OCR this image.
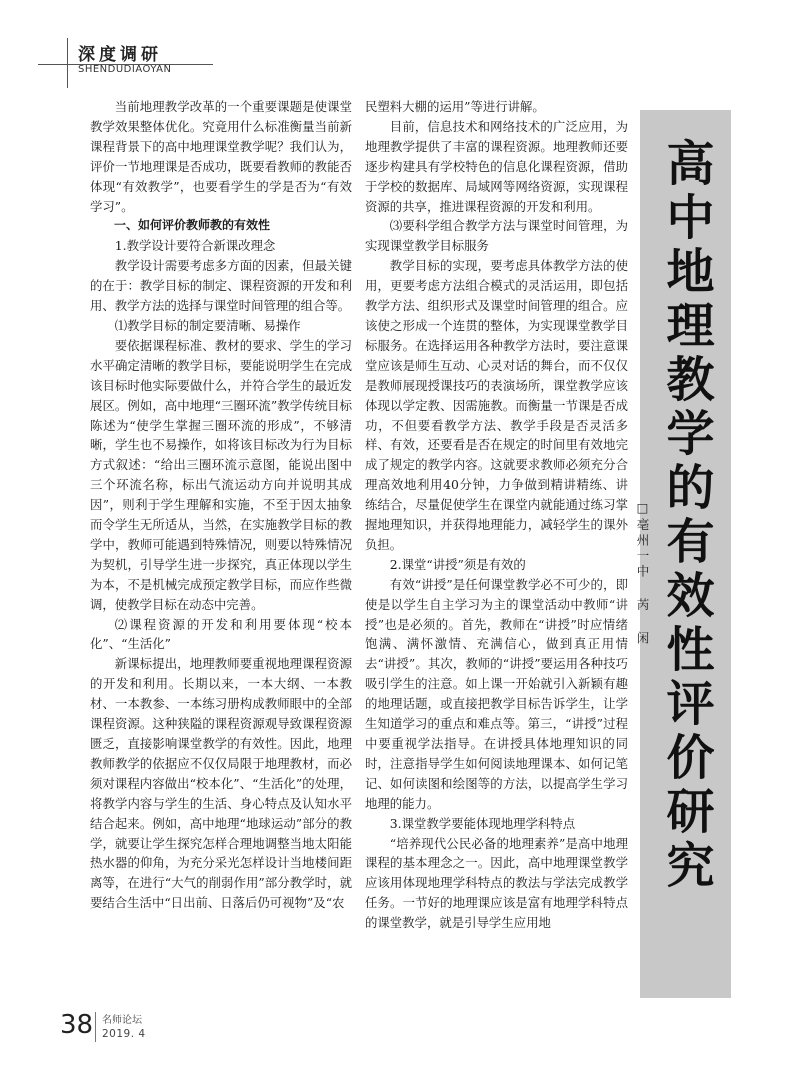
深度调研
SHENDUDIAOYAN

当前地理教学改革的一个重要课题是使课堂教学效果整体优化。究竟用什么标准衡量当前新课程背景下的高中地理课堂教学呢？我们认为，评价一节地理课是否成功，既要看教师的教能否体现“有效教学”，也要看学生的学是否为“有效学习”。

一、如何评价教师教的有效性

1.教学设计要符合新课改理念

教学设计需要考虑多方面的因素，但最关键的在于：教学目标的制定、课程资源的开发和利用、教学方法的选择与课堂时间管理的组合等。

⑴教学目标的制定要清晰、易操作

要依据课程标准、教材的要求、学生的学习水平确定清晰的教学目标，要能说明学生在完成该目标时他实际要做什么，并符合学生的最近发展区。例如，高中地理“三圈环流”教学传统目标陈述为“使学生掌握三圈环流的形成”，不够清晰，学生也不易操作，如将该目标改为行为目标方式叙述：“给出三圈环流示意图，能说出图中三个环流名称，标出气流运动方向并说明其成因”，则利于学生理解和实施，不至于因太抽象而令学生无所适从，当然，在实施教学目标的教学中，教师可能遇到特殊情况，则要以特殊情况为契机，引导学生进一步探究，真正体现以学生为本，不是机械完成预定教学目标，而应作些微调，使教学目标在动态中完善。

⑵课程资源的开发和利用要体现“校本化”、“生活化”

新课标提出，地理教师要重视地理课程资源的开发和利用。长期以来，一本大纲、一本教材、一本教参、一本练习册构成教师眼中的全部课程资源。这种狭隘的课程资源观导致课程资源匮乏，直接影响课堂教学的有效性。因此，地理教师教学的依据应不仅仅局限于地理教材，而必须对课程内容做出“校本化”、“生活化”的处理，将教学内容与学生的生活、身心特点及认知水平结合起来。例如，高中地理“地球运动”部分的教学，就要让学生探究怎样合理地调整当地太阳能热水器的仰角，为充分采光怎样设计当地楼间距离等，在进行“大气的削弱作用”部分教学时，就要结合生活中“日出前、日落后仍可视物”及“农

民塑料大棚的运用”等进行讲解。

目前，信息技术和网络技术的广泛应用，为地理教学提供了丰富的课程资源。地理教师还要逐步构建具有学校特色的信息化课程资源，借助于学校的数据库、局域网等网络资源，实现课程资源的共享，推进课程资源的开发和利用。

⑶要科学组合教学方法与课堂时间管理，为实现课堂教学目标服务

教学目标的实现，要考虑具体教学方法的使用，更要考虑方法组合模式的灵活运用，即包括教学方法、组织形式及课堂时间管理的组合。应该使之形成一个连贯的整体，为实现课堂教学目标服务。在选择运用各种教学方法时，要注意课堂应该是师生互动、心灵对话的舞台，而不仅仅是教师展现授课技巧的表演场所，课堂教学应该体现以学定教、因需施教。而衡量一节课是否成功，不但要看教学方法、教学手段是否灵活多样、有效，还要看是否在规定的时间里有效地完成了规定的教学内容。这就要求教师必须充分合理高效地利用40分钟，力争做到精讲精练、讲练结合，尽量促使学生在课堂内就能通过练习掌握地理知识，并获得地理能力，减轻学生的课外负担。

2.课堂“讲授”须是有效的

有效“讲授”是任何课堂教学必不可少的，即使是以学生自主学习为主的课堂活动中教师“讲授”也是必须的。首先，教师在“讲授”时应情绪饱满、满怀激情、充满信心，做到真正用情去“讲授”。其次，教师的“讲授”要运用各种技巧吸引学生的注意。如上课一开始就引入新颖有趣的地理话题，或直接把教学目标告诉学生，让学生知道学习的重点和难点等。第三，“讲授”过程中要重视学法指导。在讲授具体地理知识的同时，注意指导学生如何阅读地理课本、如何记笔记、如何读图和绘图等的方法，以提高学生学习地理的能力。

3.课堂教学要能体现地理学科特点

“培养现代公民必备的地理素养”是高中地理课程的基本理念之一。因此，高中地理课堂教学应该用体现地理学科特点的教法与学法完成教学任务。一节好的地理课应该是富有地理学科特点的课堂教学，就是引导学生应用地

高中地理教学的有效性评价研究
□亳州一中 芮 闲
38 名师论坛
2019. 4
